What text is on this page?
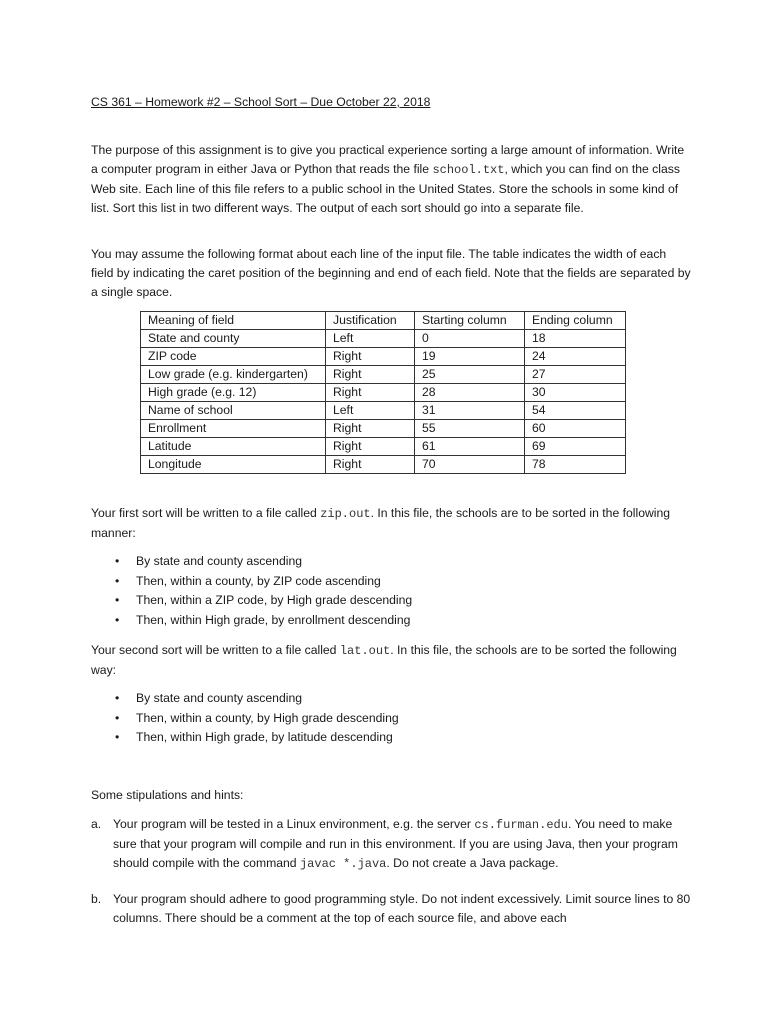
CS 361 – Homework #2 – School Sort – Due October 22, 2018

The purpose of this assignment is to give you practical experience sorting a large amount of information. Write a computer program in either Java or Python that reads the file school.txt, which you can find on the class Web site. Each line of this file refers to a public school in the United States. Store the schools in some kind of list. Sort this list in two different ways. The output of each sort should go into a separate file.

You may assume the following format about each line of the input file. The table indicates the width of each field by indicating the caret position of the beginning and end of each field. Note that the fields are separated by a single space.

Meaning of field	Justification	Starting column	Ending column
State and county	Left	0	18
ZIP code	Right	19	24
Low grade (e.g. kindergarten)	Right	25	27
High grade (e.g. 12)	Right	28	30
Name of school	Left	31	54
Enrollment	Right	55	60
Latitude	Right	61	69
Longitude	Right	70	78

Your first sort will be written to a file called zip.out. In this file, the schools are to be sorted in the following manner:

• By state and county ascending
• Then, within a county, by ZIP code ascending
• Then, within a ZIP code, by High grade descending
• Then, within High grade, by enrollment descending

Your second sort will be written to a file called lat.out. In this file, the schools are to be sorted the following way:

• By state and county ascending
• Then, within a county, by High grade descending
• Then, within High grade, by latitude descending

Some stipulations and hints:

a. Your program will be tested in a Linux environment, e.g. the server cs.furman.edu. You need to make sure that your program will compile and run in this environment. If you are using Java, then your program should compile with the command javac *.java. Do not create a Java package.
b. Your program should adhere to good programming style. Do not indent excessively. Limit source lines to 80 columns. There should be a comment at the top of each source file, and above each
